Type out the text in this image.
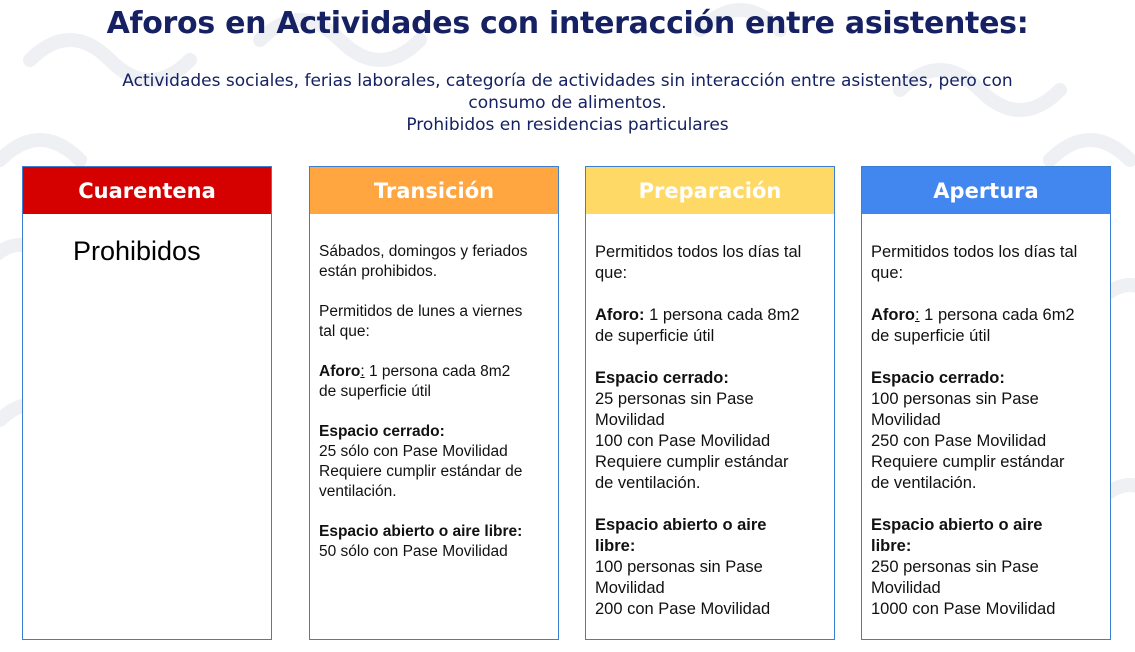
Aforos en Actividades con interacción entre asistentes:
Actividades sociales, ferias laborales, categoría de actividades sin interacción entre asistentes, pero con
consumo de alimentos.
Prohibidos en residencias particulares
Cuarentena
Prohibidos
Transición

Sábados, domingos y feriados
están prohibidos.

Permitidos de lunes a viernes
tal que:

Aforo: 1 persona cada 8m2
de superficie útil

Espacio cerrado:
25 sólo con Pase Movilidad
Requiere cumplir estándar de
ventilación.

Espacio abierto o aire libre:
50 sólo con Pase Movilidad

Preparación

Permitidos todos los días tal
que:

Aforo: 1 persona cada 8m2
de superficie útil

Espacio cerrado:
25 personas sin Pase
Movilidad
100 con Pase Movilidad
Requiere cumplir estándar
de ventilación.

Espacio abierto o aire
libre:
100 personas sin Pase
Movilidad
200 con Pase Movilidad

Apertura

Permitidos todos los días tal
que:

Aforo: 1 persona cada 6m2
de superficie útil

Espacio cerrado:
100 personas sin Pase
Movilidad
250 con Pase Movilidad
Requiere cumplir estándar
de ventilación.

Espacio abierto o aire
libre:
250 personas sin Pase
Movilidad
1000 con Pase Movilidad
